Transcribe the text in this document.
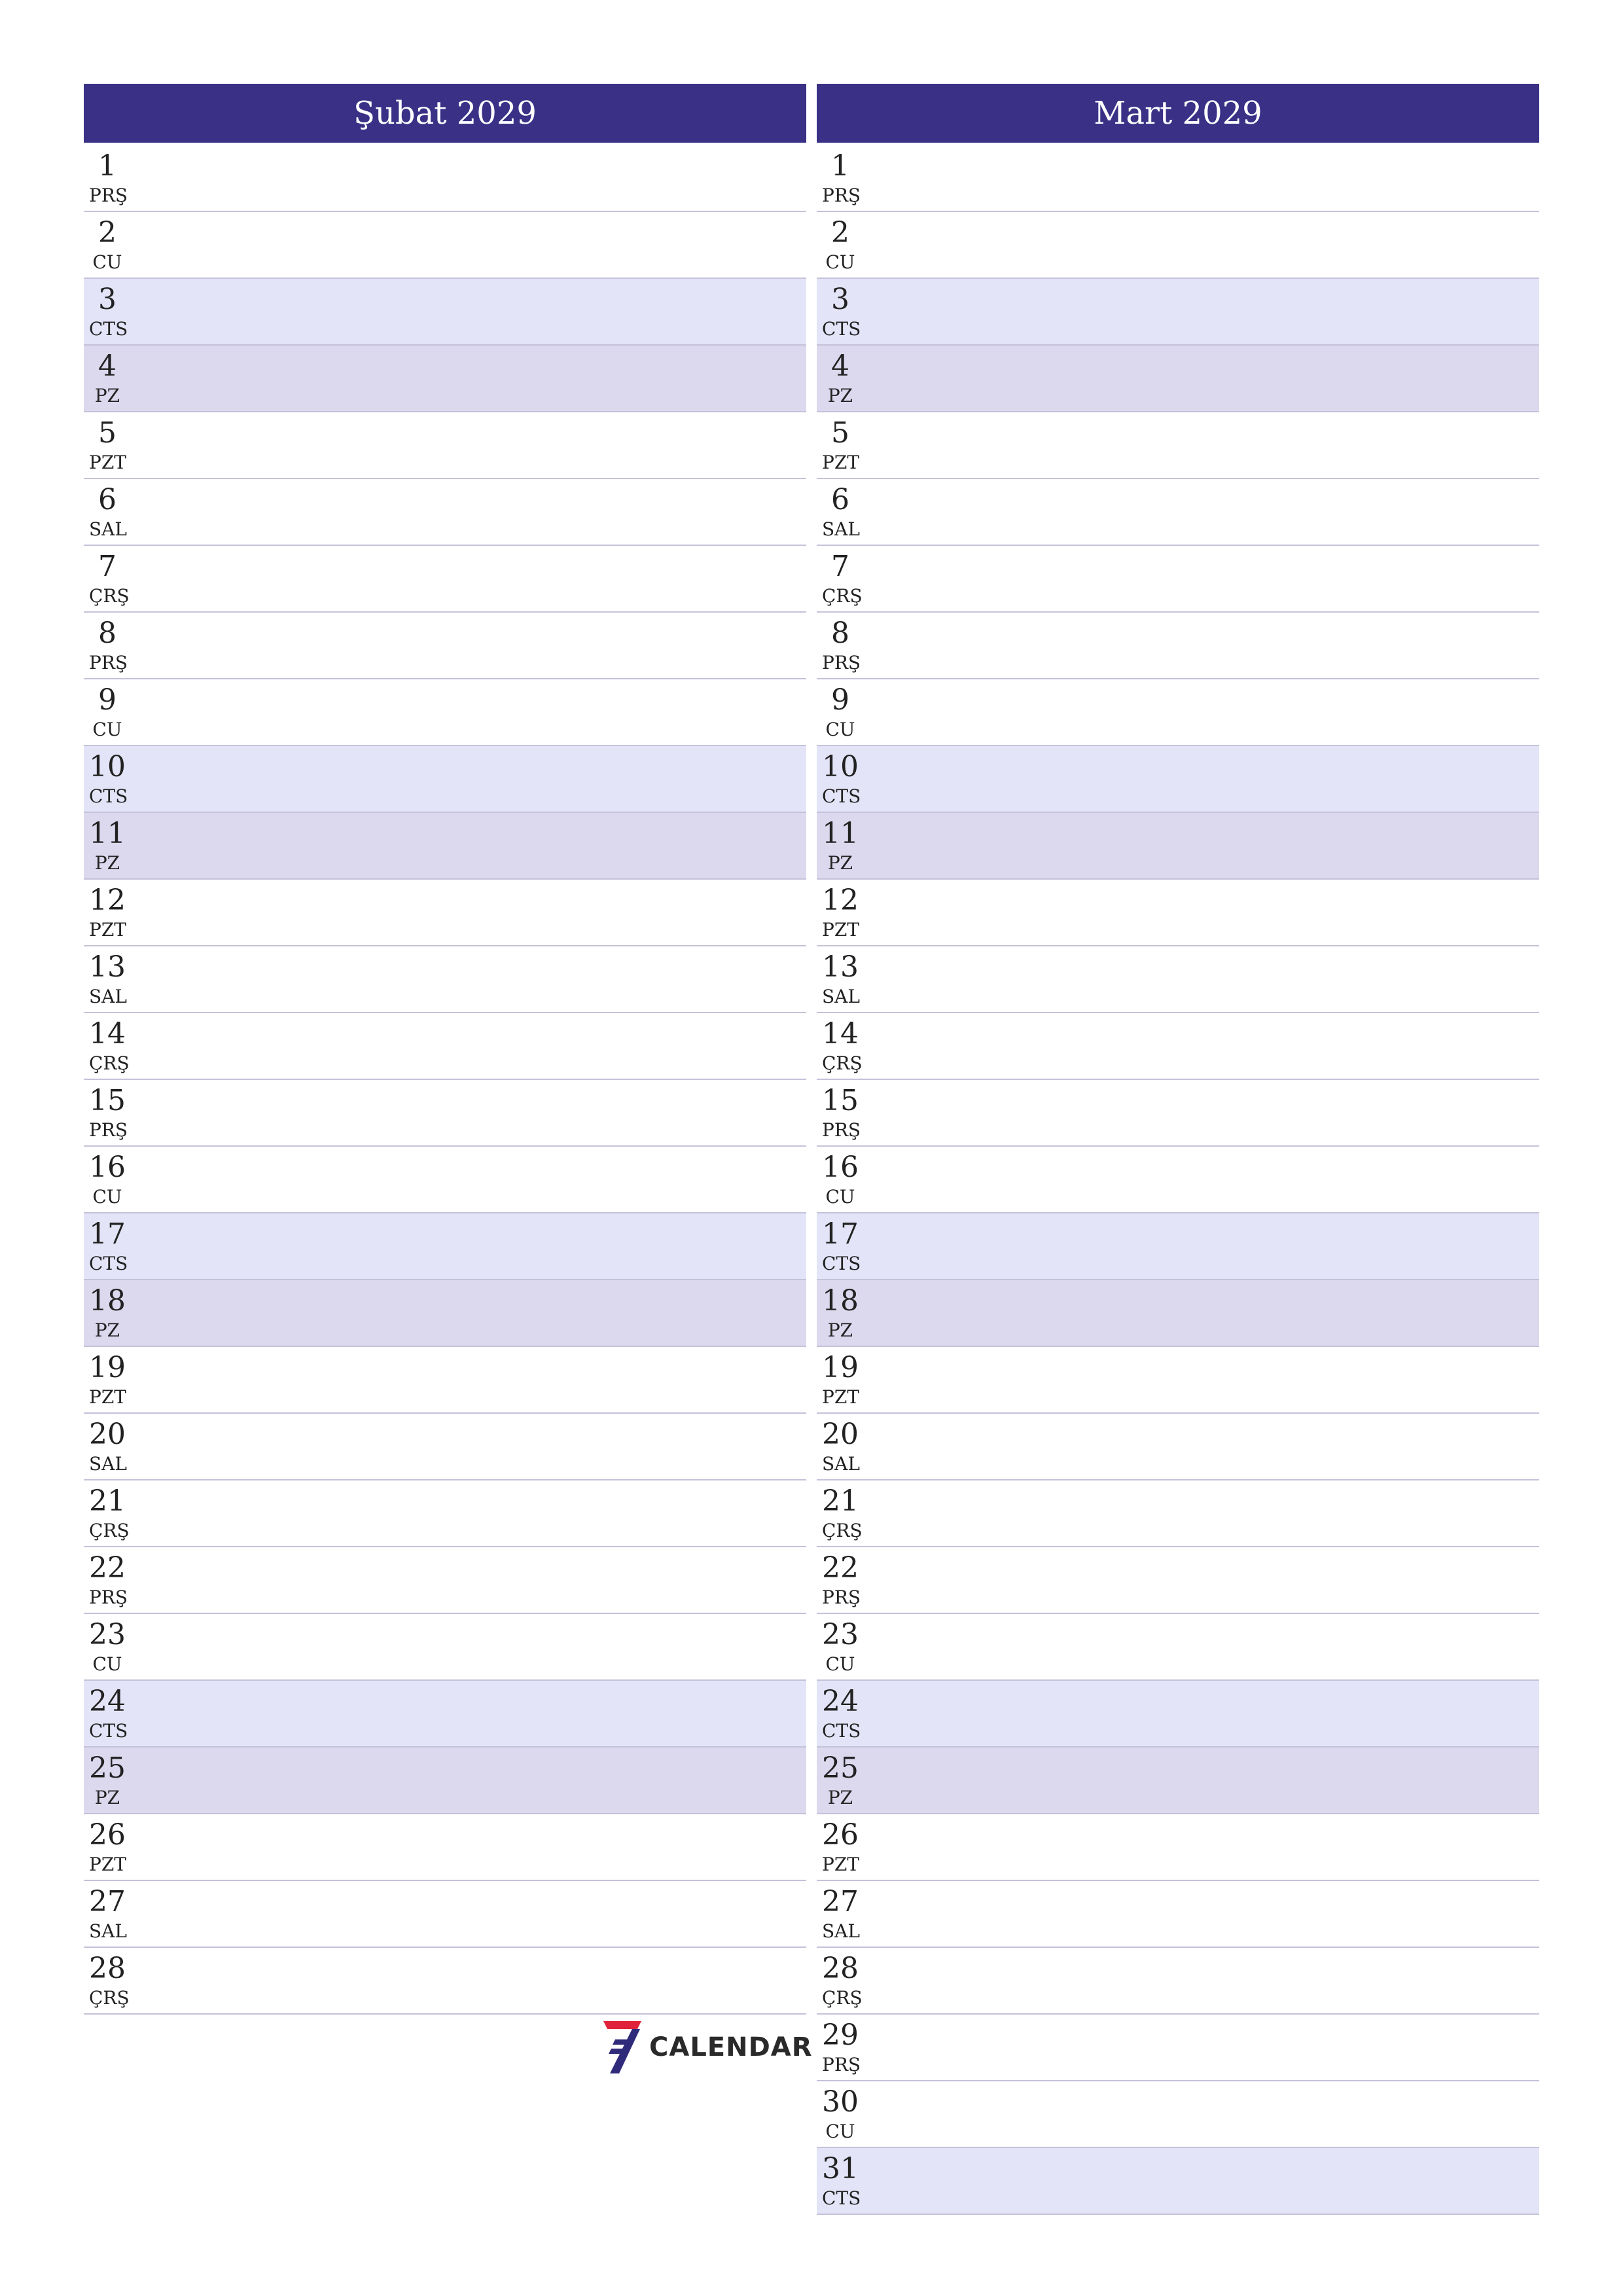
Şubat 2029
1
PRŞ
2
CU
3
CTS
4
PZ
5
PZT
6
SAL
7
ÇRŞ
8
PRŞ
9
CU
10
CTS
11
PZ
12
PZT
13
SAL
14
ÇRŞ
15
PRŞ
16
CU
17
CTS
18
PZ
19
PZT
20
SAL
21
ÇRŞ
22
PRŞ
23
CU
24
CTS
25
PZ
26
PZT
27
SAL
28
ÇRŞ
Mart 2029
1
PRŞ
2
CU
3
CTS
4
PZ
5
PZT
6
SAL
7
ÇRŞ
8
PRŞ
9
CU
10
CTS
11
PZ
12
PZT
13
SAL
14
ÇRŞ
15
PRŞ
16
CU
17
CTS
18
PZ
19
PZT
20
SAL
21
ÇRŞ
22
PRŞ
23
CU
24
CTS
25
PZ
26
PZT
27
SAL
28
ÇRŞ
29
PRŞ
30
CU
31
CTS
CALENDAR
